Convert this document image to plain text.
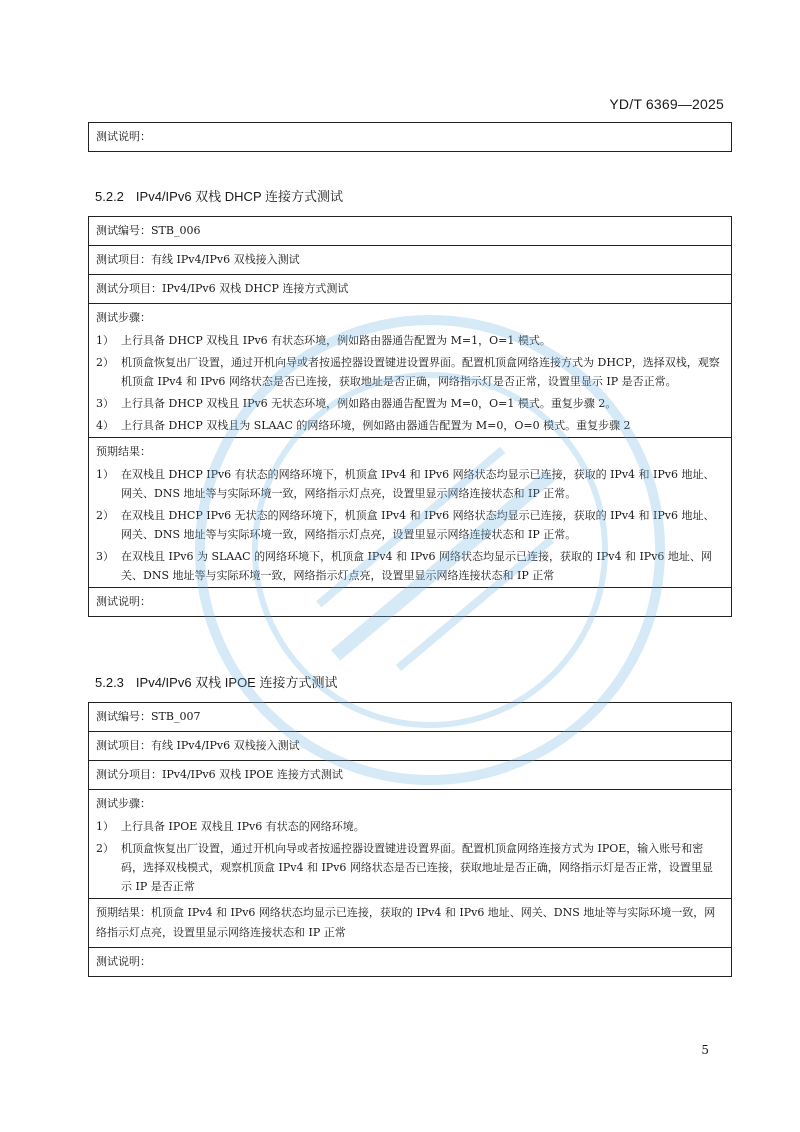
YD/T 6369—2025
测试说明：
5.2.2 IPv4/IPv6 双栈 DHCP 连接方式测试
测试编号：STB_006
测试项目：有线 IPv4/IPv6 双栈接入测试
测试分项目：IPv4/IPv6 双栈 DHCP 连接方式测试

测试步骤：
1） 上行具备 DHCP 双栈且 IPv6 有状态环境，例如路由器通告配置为 M=1，O=1 模式。
2） 机顶盒恢复出厂设置，通过开机向导或者按遥控器设置键进设置界面。配置机顶盒网络连接方式为 DHCP，选择双栈，观察机顶盒 IPv4 和 IPv6 网络状态是否已连接，获取地址是否正确，网络指示灯是否正常，设置里显示 IP 是否正常。
3） 上行具备 DHCP 双栈且 IPv6 无状态环境，例如路由器通告配置为 M=0，O=1 模式。重复步骤 2。
4） 上行具备 DHCP 双栈且为 SLAAC 的网络环境，例如路由器通告配置为 M=0，O=0 模式。重复步骤 2

预期结果：
1） 在双栈且 DHCP IPv6 有状态的网络环境下，机顶盒 IPv4 和 IPv6 网络状态均显示已连接，获取的 IPv4 和 IPv6 地址、网关、DNS 地址等与实际环境一致，网络指示灯点亮，设置里显示网络连接状态和 IP 正常。
2） 在双栈且 DHCP IPv6 无状态的网络环境下，机顶盒 IPv4 和 IPv6 网络状态均显示已连接，获取的 IPv4 和 IPv6 地址、网关、DNS 地址等与实际环境一致，网络指示灯点亮，设置里显示网络连接状态和 IP 正常。
3） 在双栈且 IPv6 为 SLAAC 的网络环境下，机顶盒 IPv4 和 IPv6 网络状态均显示已连接，获取的 IPv4 和 IPv6 地址、网关、DNS 地址等与实际环境一致，网络指示灯点亮，设置里显示网络连接状态和 IP 正常

测试说明：
5.2.3 IPv4/IPv6 双栈 IPOE 连接方式测试
测试编号：STB_007
测试项目：有线 IPv4/IPv6 双栈接入测试
测试分项目：IPv4/IPv6 双栈 IPOE 连接方式测试

测试步骤：
1） 上行具备 IPOE 双栈且 IPv6 有状态的网络环境。
2） 机顶盒恢复出厂设置，通过开机向导或者按遥控器设置键进设置界面。配置机顶盒网络连接方式为 IPOE，输入账号和密码，选择双栈模式，观察机顶盒 IPv4 和 IPv6 网络状态是否已连接，获取地址是否正确，网络指示灯是否正常，设置里显示 IP 是否正常

预期结果：机顶盒 IPv4 和 IPv6 网络状态均显示已连接，获取的 IPv4 和 IPv6 地址、网关、DNS 地址等与实际环境一致，网络指示灯点亮，设置里显示网络连接状态和 IP 正常
测试说明：
5
